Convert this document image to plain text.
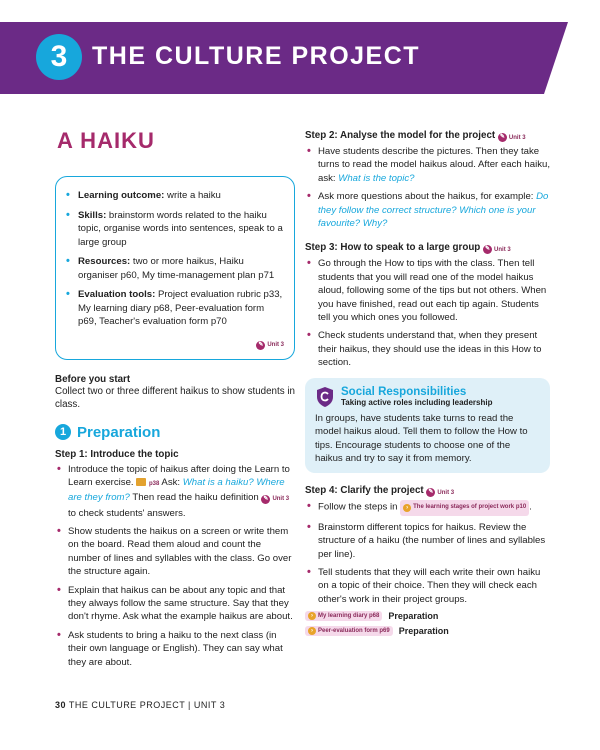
3 THE CULTURE PROJECT
A HAIKU
• Learning outcome: write a haiku
• Skills: brainstorm words related to the haiku topic, organise words into sentences, speak to a large group
• Resources: two or more haikus, Haiku organiser p60, My time-management plan p71
• Evaluation tools: Project evaluation rubric p33, My learning diary p68, Peer-evaluation form p69, Teacher's evaluation form p70
✎ Unit 3
Before you start
Collect two or three different haikus to show students in class.
1 Preparation
Step 1: Introduce the topic
• Introduce the topic of haikus after doing the Learn to Learn exercise.	p38 Ask: What is a haiku? Where are they from? Then read the haiku definition ✎ Unit 3
to check students' answers.
• Show students the haikus on a screen or write them on the board. Read them aloud and count the number of lines and syllables with the class. Go over the structure again.
• Explain that haikus can be about any topic and that they always follow the same structure. Say that they don't rhyme. Ask what the example haikus are about.
• Ask students to bring a haiku to the next class (in their own language or English). They can say what they are about.
Step 2: Analyse the model for the project ✎ Unit 3
• Have students describe the pictures. Then they take turns to read the model haikus aloud. After each haiku, ask: What is the topic?
• Ask more questions about the haikus, for example: Do they follow the correct structure? Which one is your favourite? Why?
Step 3: How to speak to a large group ✎ Unit 3
• Go through the How to tips with the class. Then tell students that you will read one of the model haikus aloud, following some of the tips but not others. When you have finished, read out each tip again. Students tell you which ones you followed.
• Check students understand that, when they present their haikus, they should use the ideas in this How to section.
Social Responsibilities
Taking active roles including leadership
In groups, have students take turns to read the model haikus aloud. Tell them to follow the How to tips. Encourage students to choose one of the haikus and try to say it from memory.
Step 4: Clarify the project ✎ Unit 3
• Follow the steps in	› The learning stages of project work p10 .
• Brainstorm different topics for haikus. Review the structure of a haiku (the number of lines and syllables per line).
• Tell students that they will each write their own haiku on a topic of their choice. Then they will check each other's work in their project groups.
› My learning diary p68 Preparation
› Peer-evaluation form p69 Preparation
30 THE CULTURE PROJECT | UNIT 3
